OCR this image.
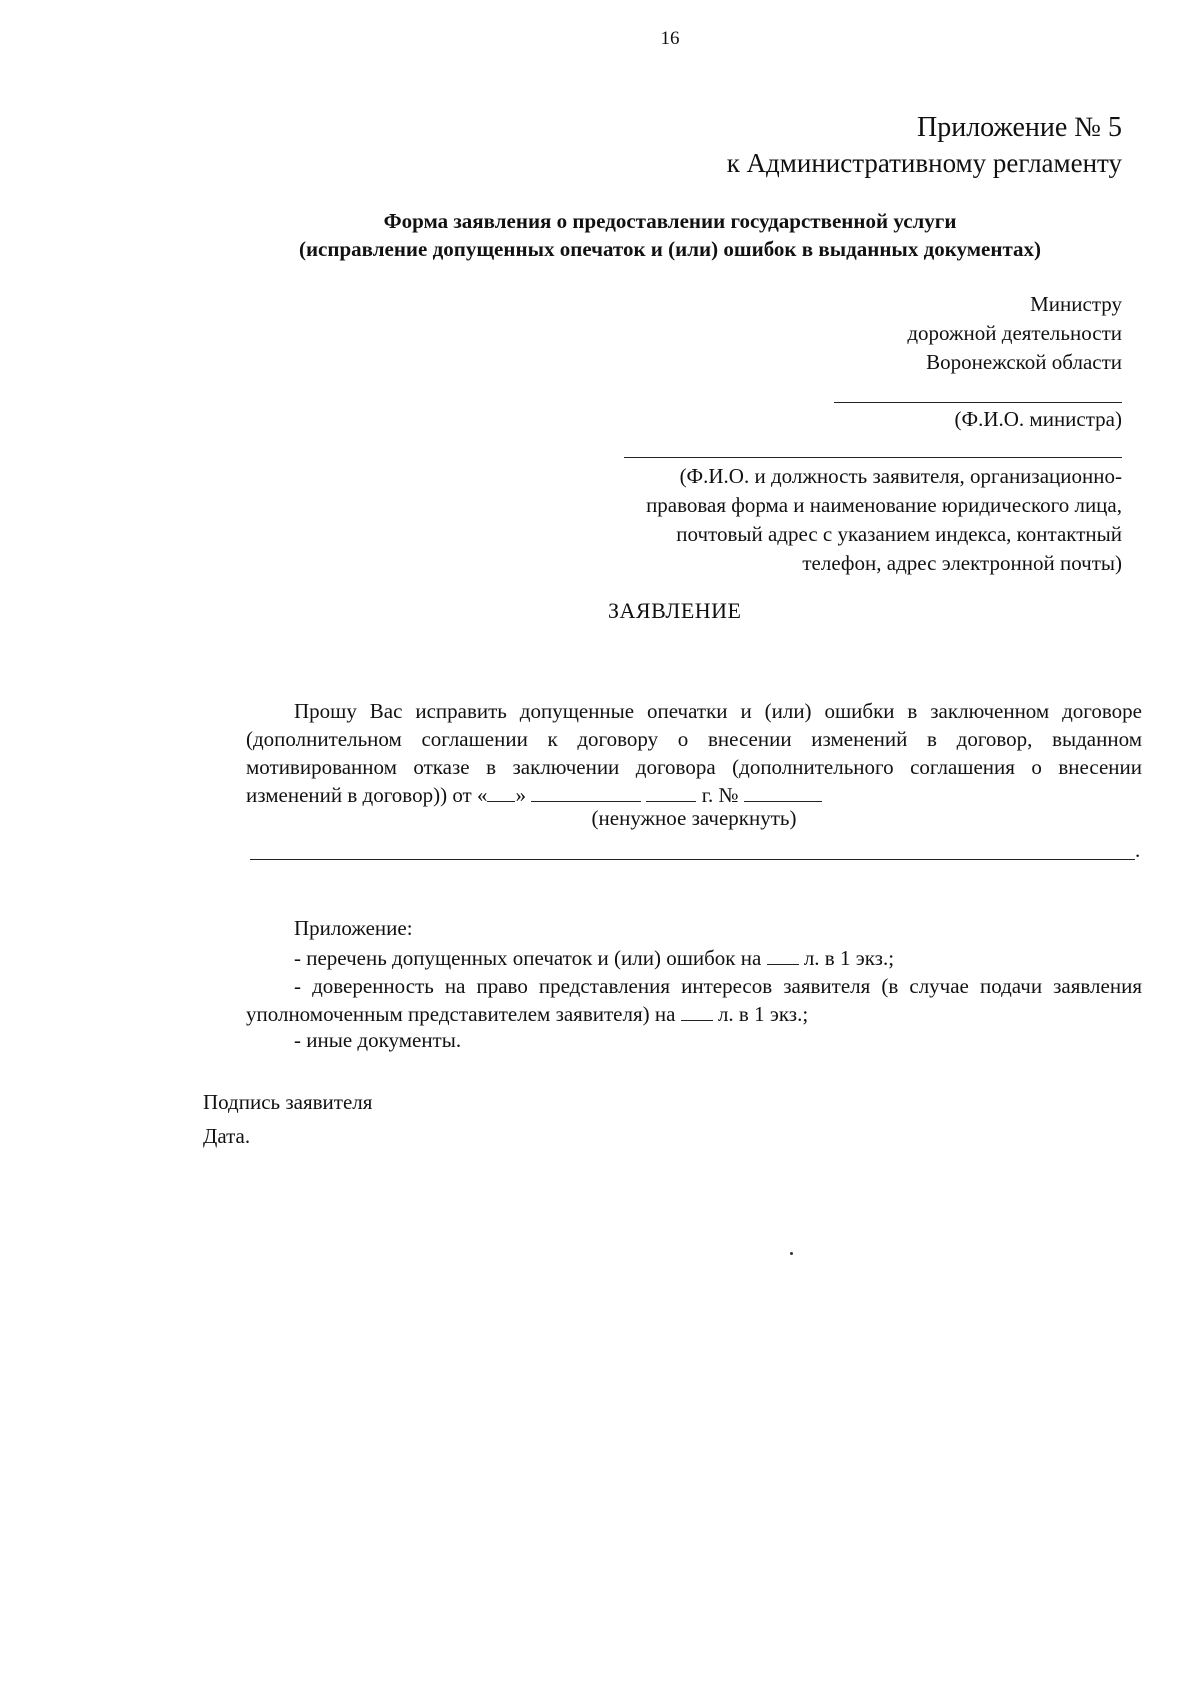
16
Приложение № 5
к Административному регламенту
Форма заявления о предоставлении государственной услуги
(исправление допущенных опечаток и (или) ошибок в выданных документах)
Министру
дорожной деятельности
Воронежской области
(Ф.И.О. министра)
(Ф.И.О. и должность заявителя, организационно-
правовая форма и наименование юридического лица,
почтовый адрес с указанием индекса, контактный
телефон, адрес электронной почты)
ЗАЯВЛЕНИЕ
Прошу Вас исправить допущенные опечатки и (или) ошибки в заключенном договоре (дополнительном соглашении к договору о внесении изменений в договор, выданном мотивированном отказе в заключении договора (дополнительного соглашения о внесении изменений в договор)) от « »	г. №
(ненужное зачеркнуть)
.
Приложение:
- перечень допущенных опечаток и (или) ошибок на л. в 1 экз.;
- доверенность на право представления интересов заявителя (в случае подачи заявления уполномоченным представителем заявителя) на л. в 1 экз.;
- иные документы.
Подпись заявителя
Дата.
